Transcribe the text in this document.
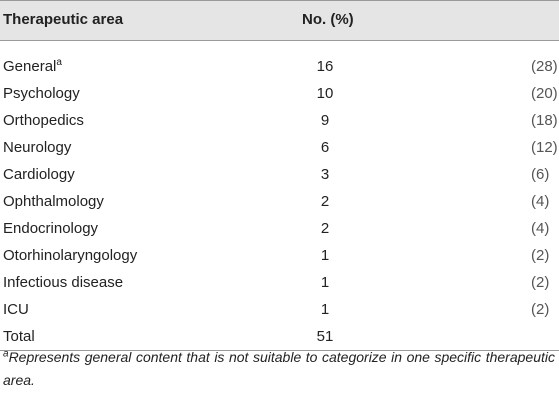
Therapeutic area	No. (%)
General$^a$	16	(28)
Psychology	10	(20)
Orthopedics	9	(18)
Neurology	6	(12)
Cardiology	3	(6)
Ophthalmology	2	(4)
Endocrinology	2	(4)
Otorhinolaryngology	1	(2)
Infectious disease	1	(2)
ICU	1	(2)
Total	51
$^a$Represents general content that is not suitable to categorize in one specific therapeutic area.
